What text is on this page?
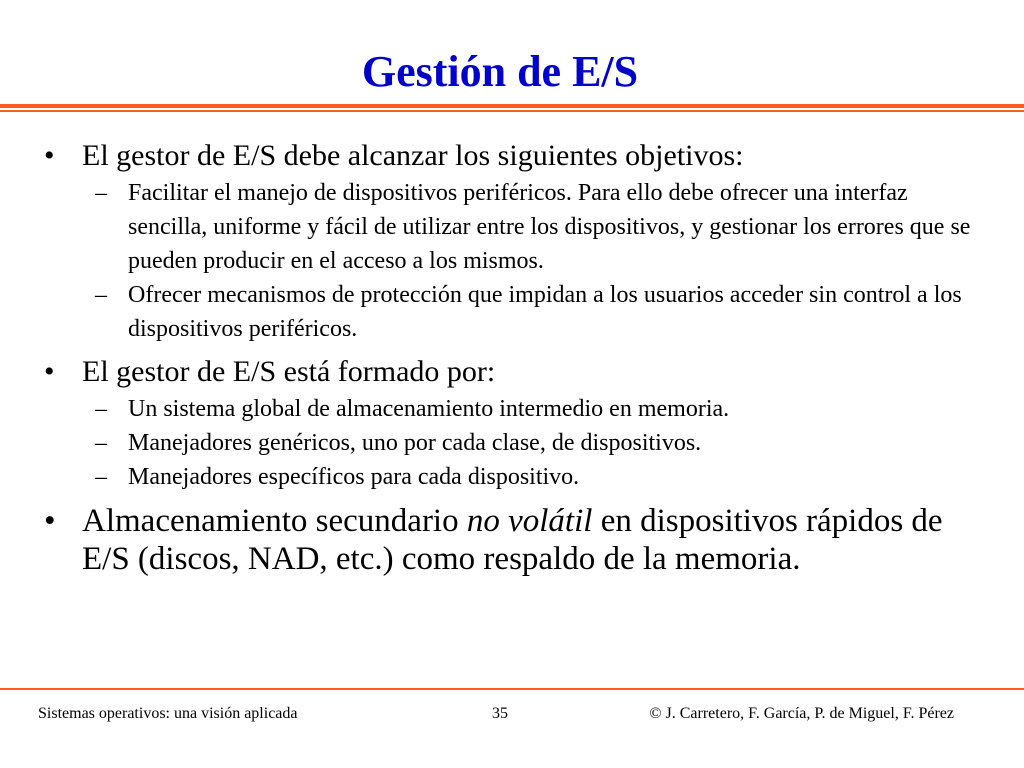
Gestión de E/S
• El gestor de E/S debe alcanzar los siguientes objetivos:
– Facilitar el manejo de dispositivos periféricos. Para ello debe ofrecer una interfaz sencilla, uniforme y fácil de utilizar entre los dispositivos, y gestionar los errores que se pueden producir en el acceso a los mismos.
– Ofrecer mecanismos de protección que impidan a los usuarios acceder sin control a los dispositivos periféricos.
• El gestor de E/S está formado por:
– Un sistema global de almacenamiento intermedio en memoria.
– Manejadores genéricos, uno por cada clase, de dispositivos.
– Manejadores específicos para cada dispositivo.
• Almacenamiento secundario no volátil en dispositivos rápidos de E/S (discos, NAD, etc.) como respaldo de la memoria.
Sistemas operativos: una visión aplicada	35	© J. Carretero, F. García, P. de Miguel, F. Pérez
